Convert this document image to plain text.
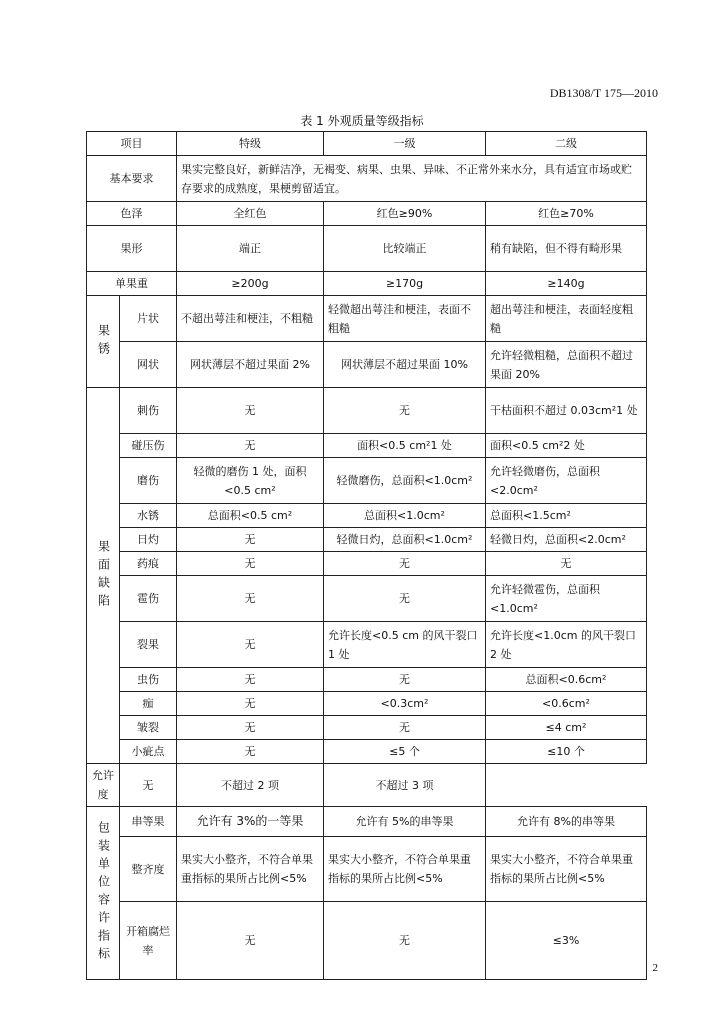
DB1308/T 175—2010
表 1 外观质量等级指标
项目		特级	一级	二级
基本要求		果实完整良好，新鲜洁净，无褐变、病果、虫果、异味、不正常外来水分，具有适宜市场或贮存要求的成熟度，果梗剪留适宜。		
色泽		全红色	红色≥90%	红色≥70%
果形		端正	比较端正	稍有缺陷，但不得有畸形果
单果重		≥200g	≥170g	≥140g
果锈	片状	不超出萼洼和梗洼，不粗糙	轻微超出萼洼和梗洼，表面不粗糙	超出萼洼和梗洼，表面轻度粗糙
	网状	网状薄层不超过果面 2%	网状薄层不超过果面 10%	允许轻微粗糙，总面积不超过果面 20%
果面缺陷	刺伤	无	无	干枯面积不超过 0.03cm²1 处
	碰压伤	无	面积<0.5 cm²1 处	面积<0.5 cm²2 处
	磨伤	轻微的磨伤 1 处，面积<0.5 cm²	轻微磨伤，总面积<1.0cm²	允许轻微磨伤，总面积<2.0cm²
	水锈	总面积<0.5 cm²	总面积<1.0cm²	总面积<1.5cm²
	日灼	无	轻微日灼，总面积<1.0cm²	轻微日灼，总面积<2.0cm²
	药痕	无	无	无
	雹伤	无	无	允许轻微雹伤，总面积<1.0cm²
	裂果	无	允许长度<0.5 cm 的风干裂口 1 处	允许长度<1.0cm 的风干裂口 2 处
	虫伤	无	无	总面积<0.6cm²
	痂	无	<0.3cm²	<0.6cm²
	皱裂	无	无	≤4 cm²
	小疵点	无	≤5 个	≤10 个
允许度	无	不超过 2 项	不超过 3 项	
包装单位容许指标	串等果	允许有 3%的一等果	允许有 5%的串等果	允许有 8%的串等果
	整齐度	果实大小整齐，不符合单果重指标的果所占比例<5%	果实大小整齐，不符合单果重指标的果所占比例<5%	果实大小整齐，不符合单果重指标的果所占比例<5%
	开箱腐烂率	无	无	≤3%
2
